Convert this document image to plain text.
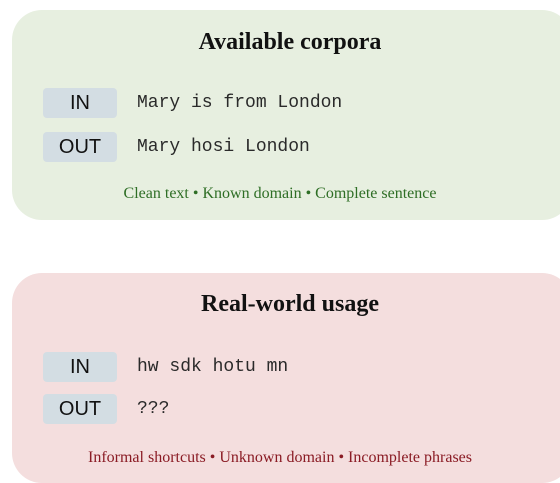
Available corpora
IN	Mary is from London
OUT	Mary hosi London
Clean text • Known domain • Complete sentence
Real-world usage
IN	hw sdk hotu mn
OUT	???
Informal shortcuts • Unknown domain • Incomplete phrases
